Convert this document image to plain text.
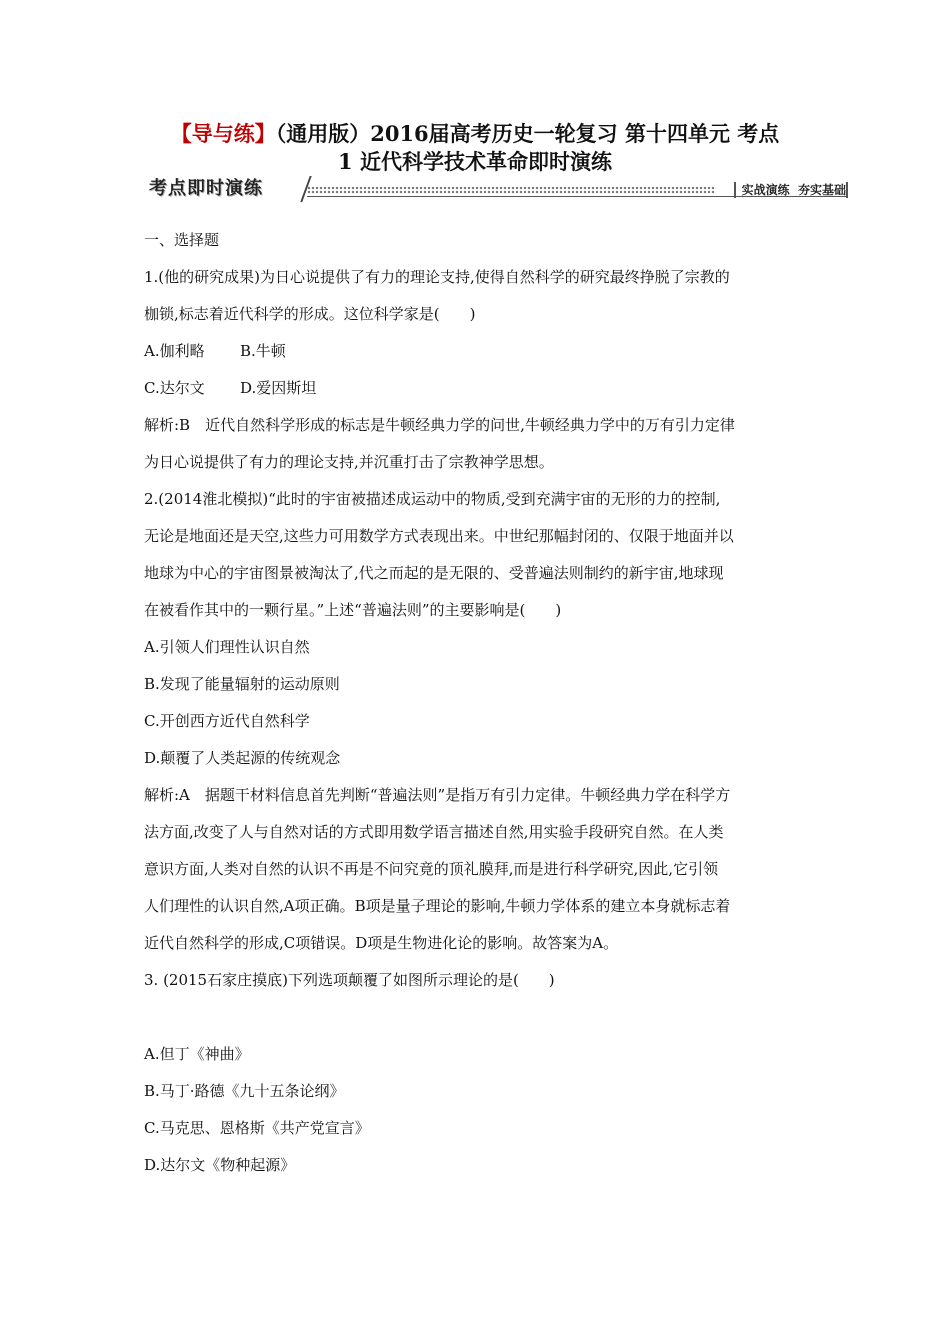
【导与练】（通用版）2016届高考历史一轮复习 第十四单元 考点
1 近代科学技术革命即时演练
考点即时演练	实战演练  夯实基础
一、选择题
1.(他的研究成果)为日心说提供了有力的理论支持,使得自然科学的研究最终挣脱了宗教的
枷锁,标志着近代科学的形成。这位科学家是(　　)
A.伽利略 B.牛顿
C.达尔文 D.爱因斯坦
解析:B　近代自然科学形成的标志是牛顿经典力学的问世,牛顿经典力学中的万有引力定律
为日心说提供了有力的理论支持,并沉重打击了宗教神学思想。
2.(2014淮北模拟)“此时的宇宙被描述成运动中的物质,受到充满宇宙的无形的力的控制,
无论是地面还是天空,这些力可用数学方式表现出来。中世纪那幅封闭的、仅限于地面并以
地球为中心的宇宙图景被淘汰了,代之而起的是无限的、受普遍法则制约的新宇宙,地球现
在被看作其中的一颗行星。”上述“普遍法则”的主要影响是(　　)
A.引领人们理性认识自然
B.发现了能量辐射的运动原则
C.开创西方近代自然科学
D.颠覆了人类起源的传统观念
解析:A　据题干材料信息首先判断“普遍法则”是指万有引力定律。牛顿经典力学在科学方
法方面,改变了人与自然对话的方式即用数学语言描述自然,用实验手段研究自然。在人类
意识方面,人类对自然的认识不再是不问究竟的顶礼膜拜,而是进行科学研究,因此,它引领
人们理性的认识自然,A项正确。B项是量子理论的影响,牛顿力学体系的建立本身就标志着
近代自然科学的形成,C项错误。D项是生物进化论的影响。故答案为A。
3. (2015石家庄摸底)下列选项颠覆了如图所示理论的是(　　)
A.但丁《神曲》
B.马丁·路德《九十五条论纲》
C.马克思、恩格斯《共产党宣言》
D.达尔文《物种起源》
